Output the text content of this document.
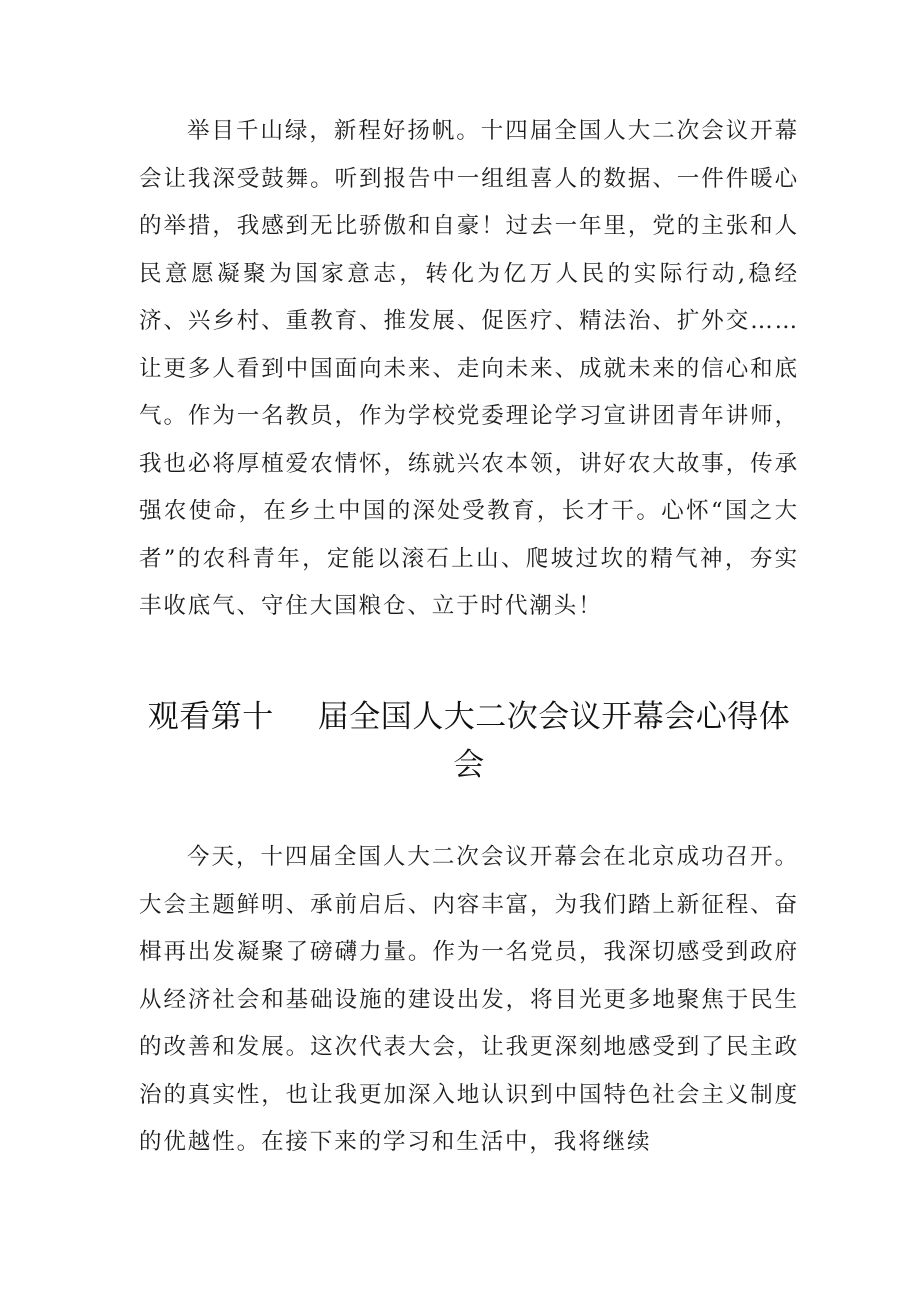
举目千山绿，新程好扬帆。十四届全国人大二次会议开幕会让我深受鼓舞。听到报告中一组组喜人的数据、一件件暖心的举措，我感到无比骄傲和自豪！过去一年里，党的主张和人民意愿凝聚为国家意志，转化为亿万人民的实际行动,稳经济、兴乡村、重教育、推发展、促医疗、精法治、扩外交……让更多人看到中国面向未来、走向未来、成就未来的信心和底气。作为一名教员，作为学校党委理论学习宣讲团青年讲师，我也必将厚植爱农情怀，练就兴农本领，讲好农大故事，传承强农使命，在乡土中国的深处受教育，长才干。心怀“国之大者”的农科青年，定能以滚石上山、爬坡过坎的精气神，夯实丰收底气、守住大国粮仓、立于时代潮头！

观看第十 届全国人大二次会议开幕会心得体会

今天，十四届全国人大二次会议开幕会在北京成功召开。大会主题鲜明、承前启后、内容丰富，为我们踏上新征程、奋楫再出发凝聚了磅礴力量。作为一名党员，我深切感受到政府从经济社会和基础设施的建设出发，将目光更多地聚焦于民生的改善和发展。这次代表大会，让我更深刻地感受到了民主政治的真实性，也让我更加深入地认识到中国特色社会主义制度的优越性。在接下来的学习和生活中，我将继续
